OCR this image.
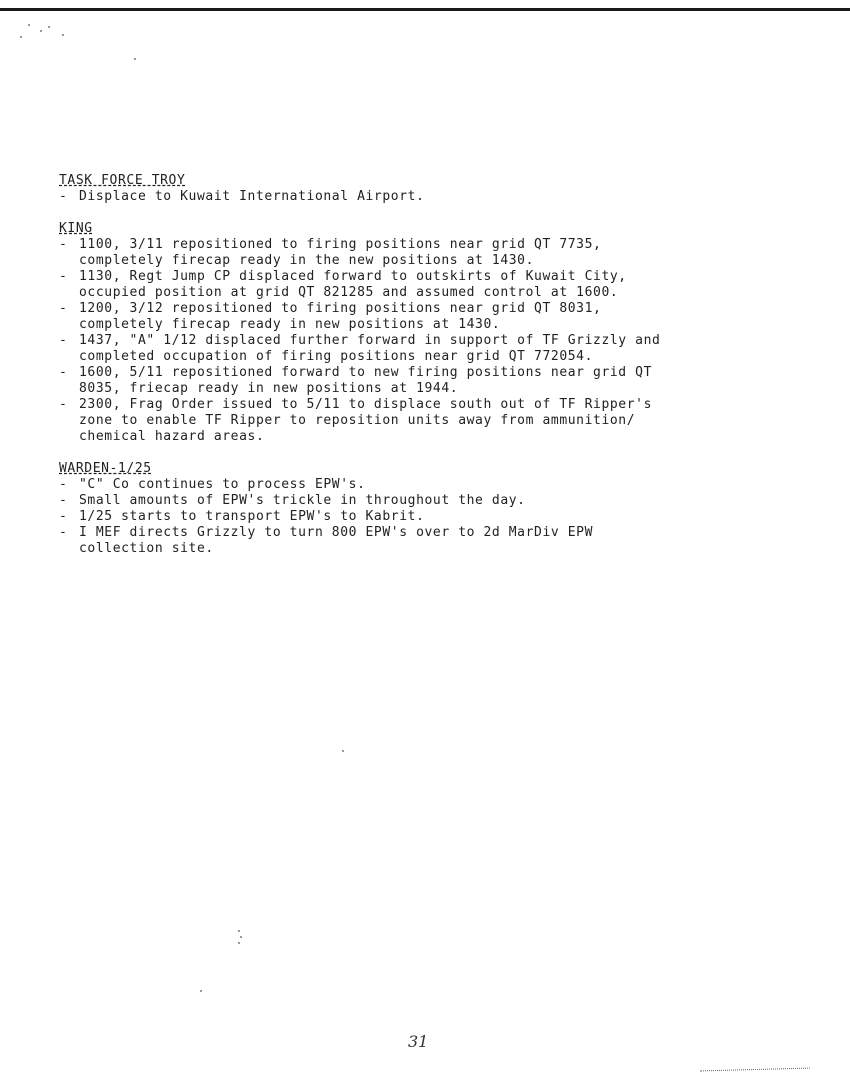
TASK FORCE TROY
- Displace to Kuwait International Airport.
KING
- 1100, 3/11 repositioned to firing positions near grid QT 7735,
completely firecap ready in the new positions at 1430.
- 1130, Regt Jump CP displaced forward to outskirts of Kuwait City,
occupied position at grid QT 821285 and assumed control at 1600.
- 1200, 3/12 repositioned to firing positions near grid QT 8031,
completely firecap ready in new positions at 1430.
- 1437, "A" 1/12 displaced further forward in support of TF Grizzly and
completed occupation of firing positions near grid QT 772054.
- 1600, 5/11 repositioned forward to new firing positions near grid QT
8035, friecap ready in new positions at 1944.
- 2300, Frag Order issued to 5/11 to displace south out of TF Ripper's
zone to enable TF Ripper to reposition units away from ammunition/
chemical hazard areas.
WARDEN-1/25
- "C" Co continues to process EPW's.
- Small amounts of EPW's trickle in throughout the day.
- 1/25 starts to transport EPW's to Kabrit.
- I MEF directs Grizzly to turn 800 EPW's over to 2d MarDiv EPW
collection site.
31
